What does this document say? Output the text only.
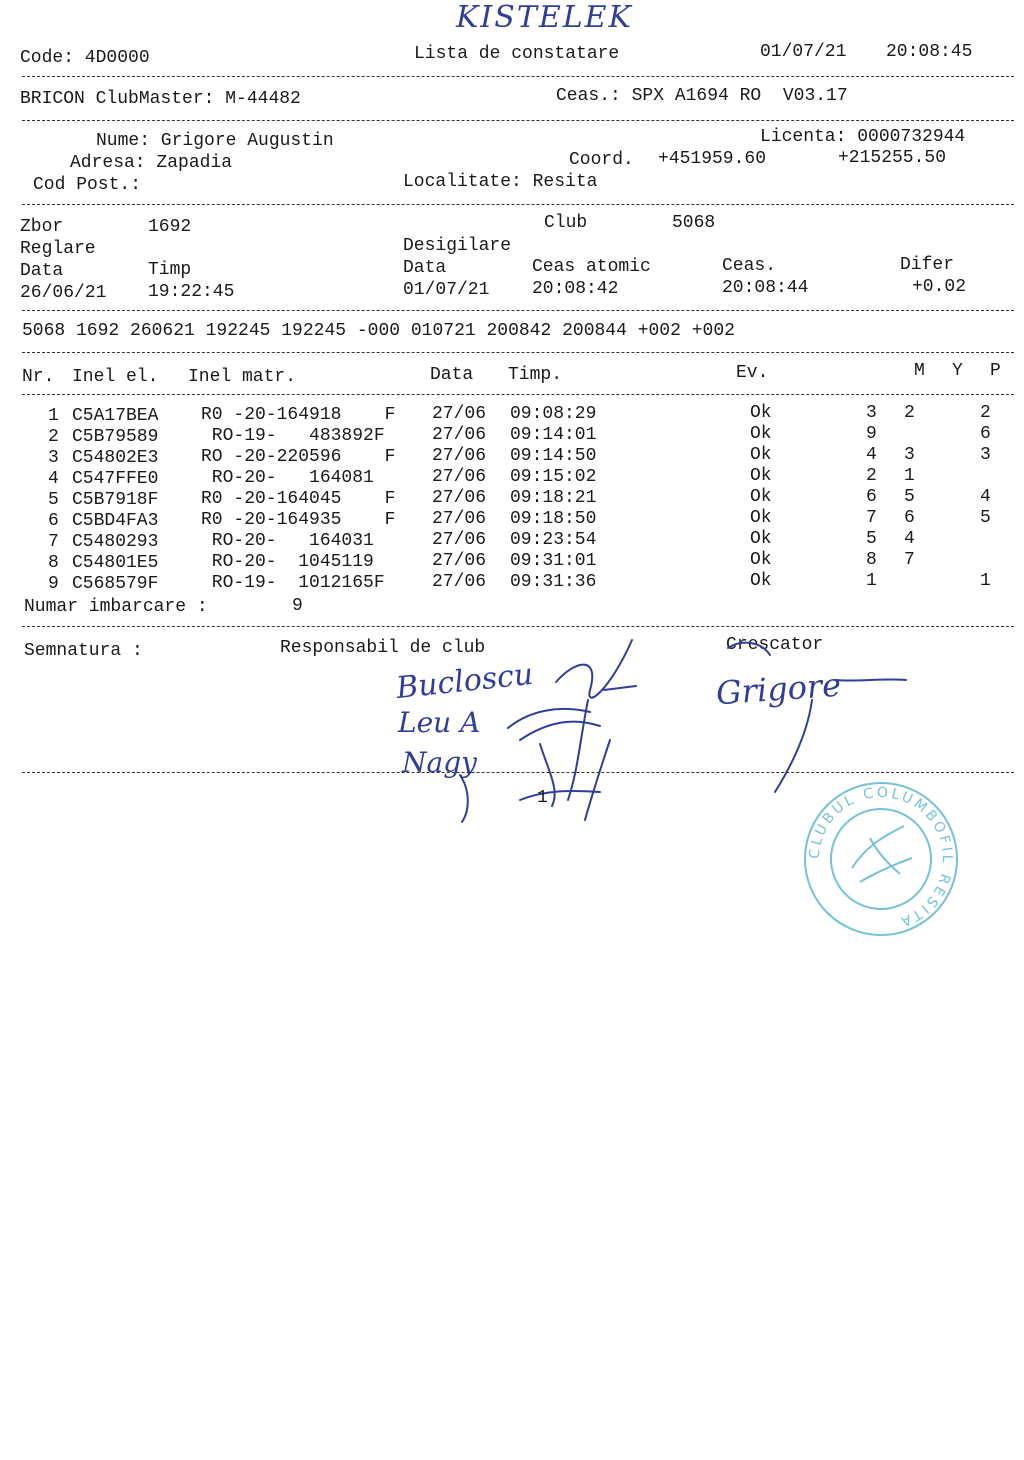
KISTELEK
Code: 4D0000	Lista de constatare	01/07/21 20:08:45
BRICON ClubMaster: M-44482	Ceas.: SPX A1694 RO  V03.17
Nume: Grigore Augustin	Licenta: 0000732944
Adresa: Zapadia	Coord. +451959.60	+215255.50
Cod Post.:	Localitate: Resita
Zbor	1692	Club	5068
Reglare	Desigilare
Data	Timp	Data	Ceas atomic	Ceas.	Difer
26/06/21 19:22:45	01/07/21 20:08:42	20:08:44	+0.02
5068 1692 260621 192245 192245 -000 010721 200842 200844 +002 +002
Nr. Inel el. Inel matr.	Data Timp.	Ev.	M Y P
1 C5A17BEA R0 -20-164918    F 27/06 09:08:29	Ok	3 2	2
2 C5B79589 RO-19-   483892F	27/06 09:14:01	Ok	9	6
3 C54802E3 RO -20-220596    F 27/06 09:14:50	Ok	4 3	3
4 C547FFE0 RO-20-   164081	27/06 09:15:02	Ok	2 1
5 C5B7918F R0 -20-164045    F 27/06 09:18:21	Ok	6 5	4
6 C5BD4FA3 R0 -20-164935    F 27/06 09:18:50	Ok	7 6	5
7 C5480293 RO-20-   164031	27/06 09:23:54	Ok	5 4
8 C54801E5 RO-20-  1045119	27/06 09:31:01	Ok	8 7
9 C568579F RO-19-  1012165F	27/06 09:31:36	Ok	1	1
Numar imbarcare :	9
Semnatura :	Responsabil de club	Crescator
Bucloscu
Leu A
Nagy
Grigore
1
CLUBUL COLUMBOFIL RESITA
